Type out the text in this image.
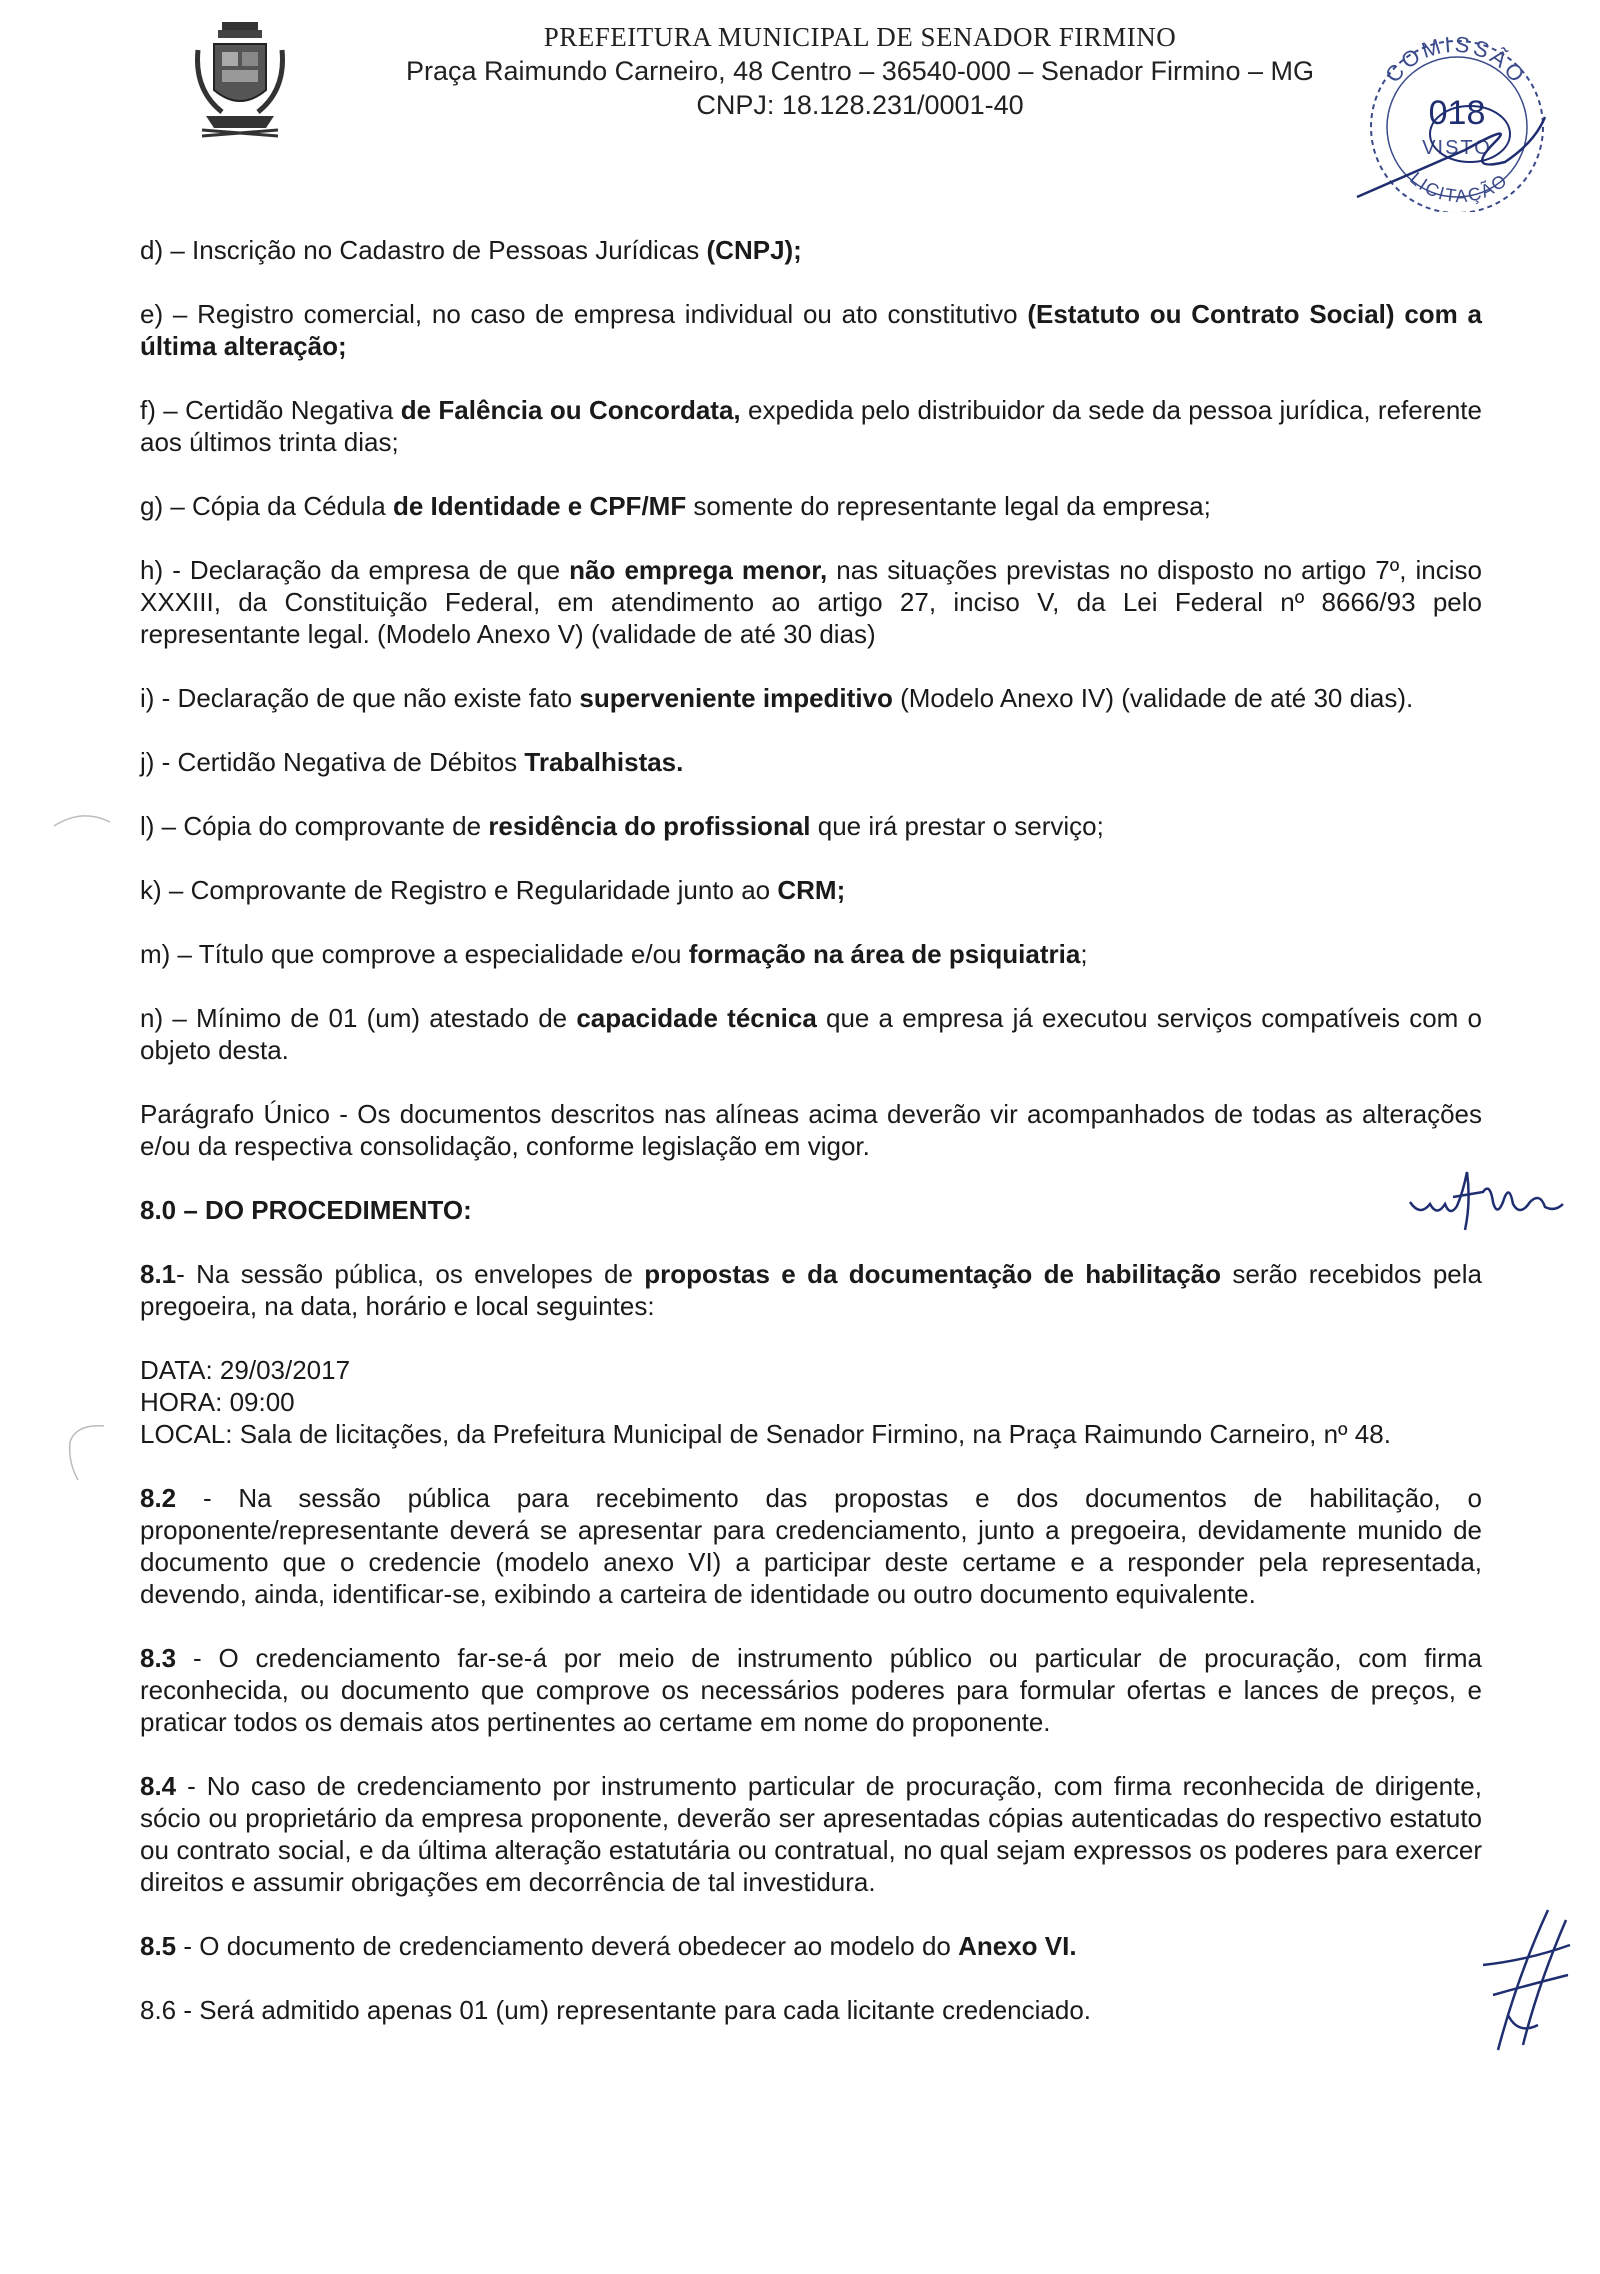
PREFEITURA MUNICIPAL DE SENADOR FIRMINO
Praça Raimundo Carneiro, 48 Centro – 36540-000 – Senador Firmino – MG
CNPJ: 18.128.231/0001-40
COMISSÃO
018
VISTO
LICITAÇÃO

d) – Inscrição no Cadastro de Pessoas Jurídicas (CNPJ);

e) – Registro comercial, no caso de empresa individual ou ato constitutivo (Estatuto ou Contrato Social) com a última alteração;

f) – Certidão Negativa de Falência ou Concordata, expedida pelo distribuidor da sede da pessoa jurídica, referente aos últimos trinta dias;

g) – Cópia da Cédula de Identidade e CPF/MF somente do representante legal da empresa;

h) - Declaração da empresa de que não emprega menor, nas situações previstas no disposto no artigo 7º, inciso XXXIII, da Constituição Federal, em atendimento ao artigo 27, inciso V, da Lei Federal nº 8666/93 pelo representante legal. (Modelo Anexo V) (validade de até 30 dias)

i) - Declaração de que não existe fato superveniente impeditivo (Modelo Anexo IV) (validade de até 30 dias).

j) - Certidão Negativa de Débitos Trabalhistas.

l) – Cópia do comprovante de residência do profissional que irá prestar o serviço;

k) – Comprovante de Registro e Regularidade junto ao CRM;

m) – Título que comprove a especialidade e/ou formação na área de psiquiatria;

n) – Mínimo de 01 (um) atestado de capacidade técnica que a empresa já executou serviços compatíveis com o objeto desta.

Parágrafo Único - Os documentos descritos nas alíneas acima deverão vir acompanhados de todas as alterações e/ou da respectiva consolidação, conforme legislação em vigor.

8.0 – DO PROCEDIMENTO:

8.1- Na sessão pública, os envelopes de propostas e da documentação de habilitação serão recebidos pela pregoeira, na data, horário e local seguintes:

DATA: 29/03/2017

HORA: 09:00

LOCAL: Sala de licitações, da Prefeitura Municipal de Senador Firmino, na Praça Raimundo Carneiro, nº 48.

8.2 - Na sessão pública para recebimento das propostas e dos documentos de habilitação, o proponente/representante deverá se apresentar para credenciamento, junto a pregoeira, devidamente munido de documento que o credencie (modelo anexo VI) a participar deste certame e a responder pela representada, devendo, ainda, identificar-se, exibindo a carteira de identidade ou outro documento equivalente.

8.3 - O credenciamento far-se-á por meio de instrumento público ou particular de procuração, com firma reconhecida, ou documento que comprove os necessários poderes para formular ofertas e lances de preços, e praticar todos os demais atos pertinentes ao certame em nome do proponente.

8.4 - No caso de credenciamento por instrumento particular de procuração, com firma reconhecida de dirigente, sócio ou proprietário da empresa proponente, deverão ser apresentadas cópias autenticadas do respectivo estatuto ou contrato social, e da última alteração estatutária ou contratual, no qual sejam expressos os poderes para exercer direitos e assumir obrigações em decorrência de tal investidura.

8.5 - O documento de credenciamento deverá obedecer ao modelo do Anexo VI.

8.6 - Será admitido apenas 01 (um) representante para cada licitante credenciado.
